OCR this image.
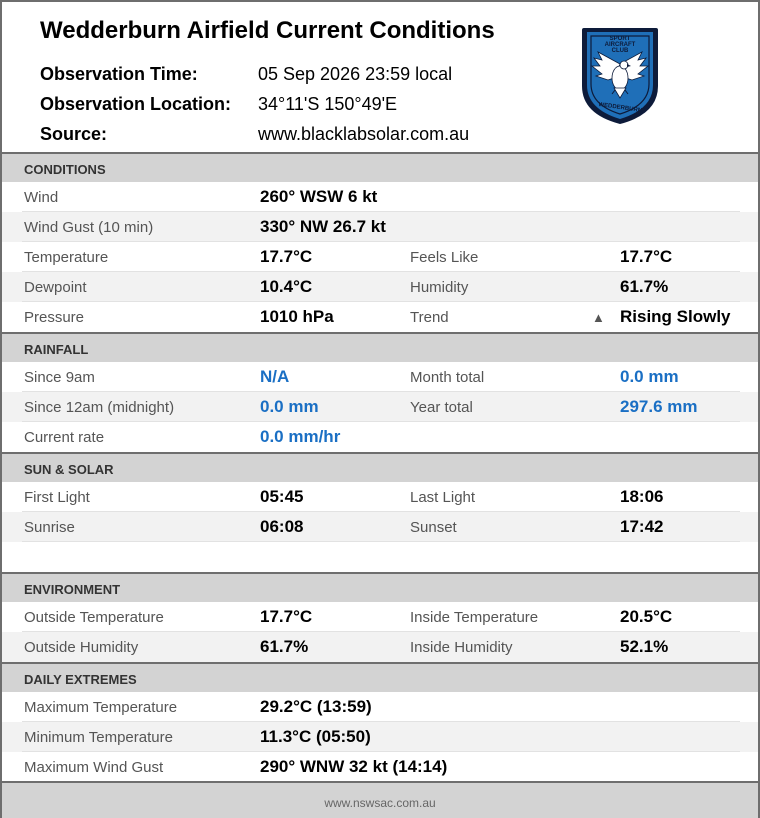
Wedderburn Airfield Current Conditions
Observation Time:	05 Sep 2026 23:59 local
Observation Location: 34°11'S 150°49'E
Source:	www.blacklabsolar.com.au
SPORT
AIRCRAFT
CLUB
WEDDERBURN
CONDITIONS
Wind	260° WSW 6 kt
Wind Gust (10 min)	330° NW 26.7 kt
Temperature	17.7°C	Feels Like	17.7°C
Dewpoint	10.4°C	Humidity	61.7%
Pressure	1010 hPa	Trend	▲ Rising Slowly
RAINFALL
Since 9am	N/A	Month total	0.0 mm
Since 12am (midnight)	0.0 mm	Year total	297.6 mm
Current rate	0.0 mm/hr
SUN & SOLAR
First Light	05:45	Last Light	18:06
Sunrise	06:08	Sunset	17:42
ENVIRONMENT
Outside Temperature	17.7°C	Inside Temperature	20.5°C
Outside Humidity	61.7%	Inside Humidity	52.1%
DAILY EXTREMES
Maximum Temperature	29.2°C (13:59)
Minimum Temperature	11.3°C (05:50)
Maximum Wind Gust	290° WNW 32 kt (14:14)
www.nswsac.com.au
